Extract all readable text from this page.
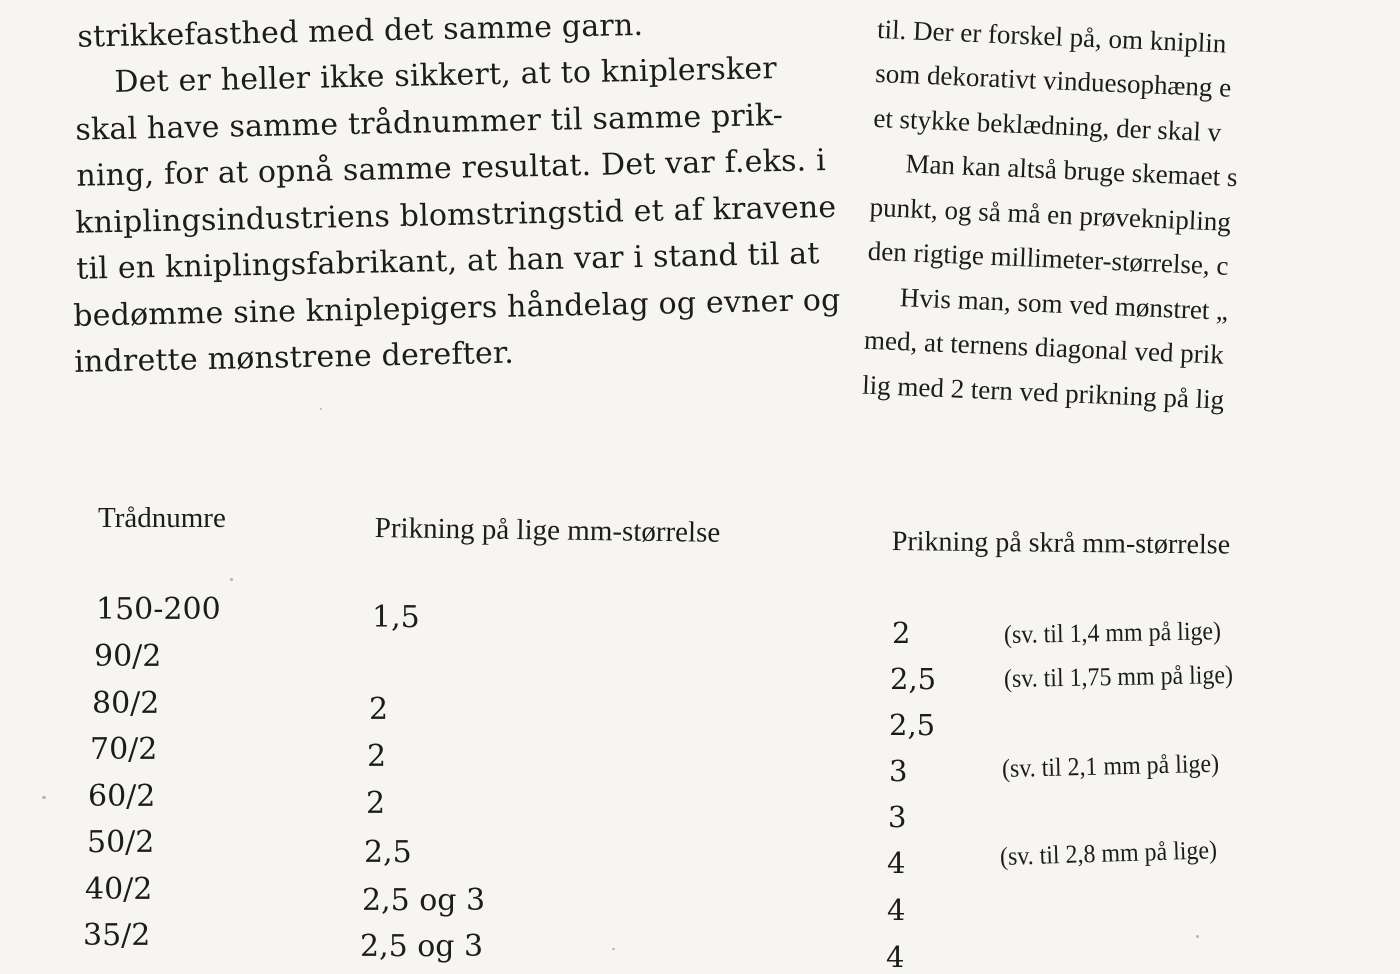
strikkefasthed med det samme garn.
Det er heller ikke sikkert, at to kniplersker
skal have samme trådnummer til samme prik-
ning, for at opnå samme resultat. Det var f.eks. i
kniplingsindustriens blomstringstid et af kravene
til en kniplingsfabrikant, at han var i stand til at
bedømme sine kniplepigers håndelag og evner og
indrette mønstrene derefter.
til. Der er forskel på, om kniplin
som dekorativt vinduesophæng e
et stykke beklædning, der skal v
Man kan altså bruge skemaet s
punkt, og så må en prøveknipling
den rigtige millimeter-størrelse, c
Hvis man, som ved mønstret „
med, at ternens diagonal ved prik
lig med 2 tern ved prikning på lig
Trådnumre	Prikning på lige mm-størrelse	Prikning på skrå mm-størrelse
150-200
90/2
80/2
70/2
60/2
50/2
40/2
35/2
1,5
2
2
2
2,5
2,5 og 3
2,5 og 3
2
2,5
2,5
3
3
4
4
4
(sv. til 1,4 mm på lige)
(sv. til 1,75 mm på lige)
(sv. til 2,1 mm på lige)
(sv. til 2,8 mm på lige)
